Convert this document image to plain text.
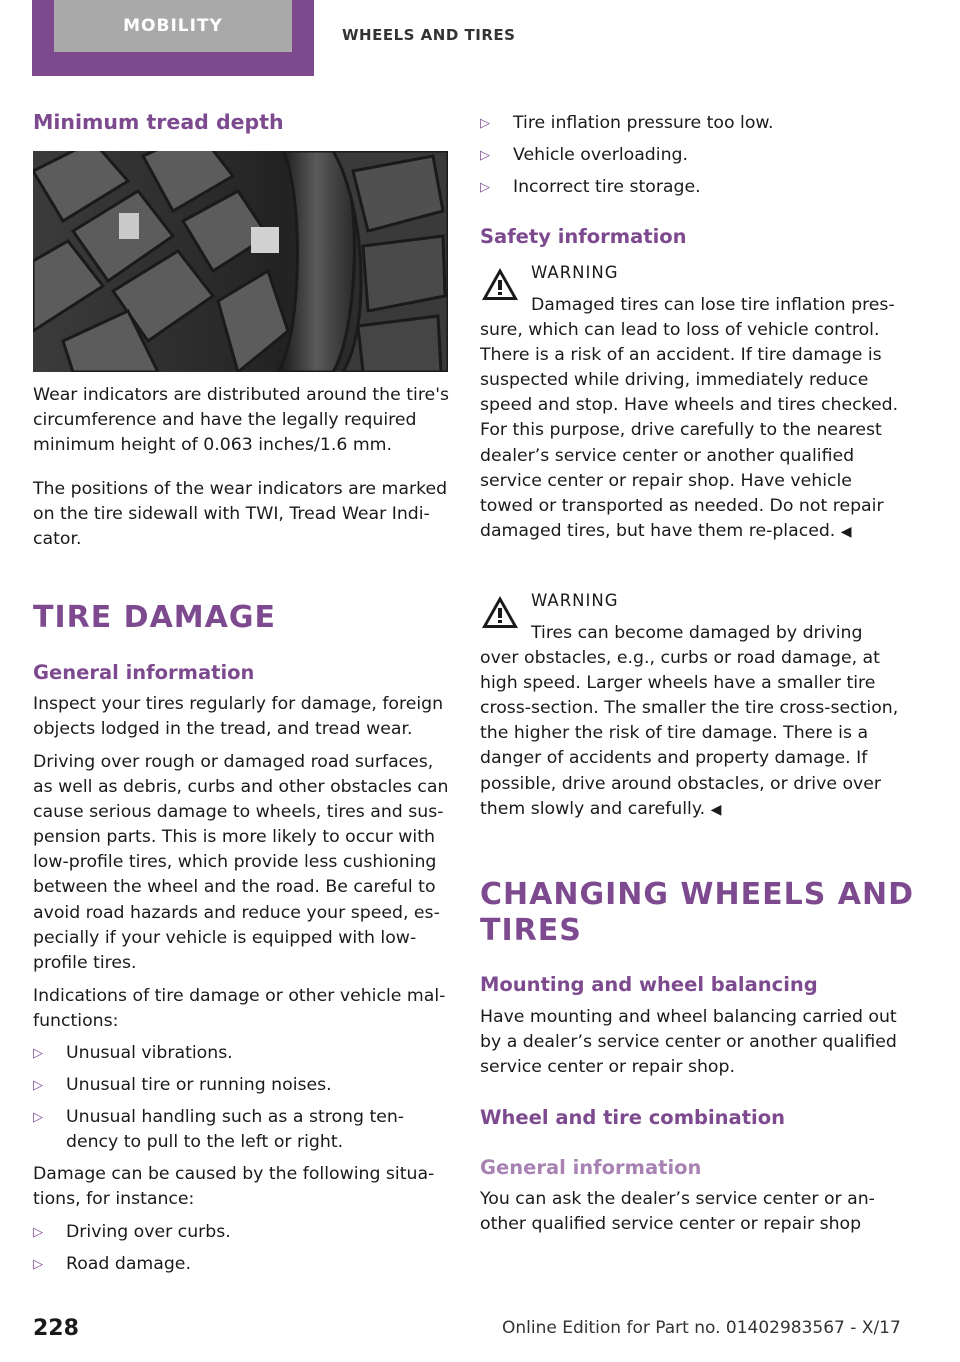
MOBILITY	WHEELS AND TIRES
Minimum tread depth

Wear indicators are distributed around the tire's circumference and have the legally required minimum height of 0.063 inches/1.6 mm.

The positions of the wear indicators are marked on the tire sidewall with TWI, Tread Wear Indi-cator.

TIRE DAMAGE
General information

Inspect your tires regularly for damage, foreign objects lodged in the tread, and tread wear.

Driving over rough or damaged road surfaces, as well as debris, curbs and other obstacles can cause serious damage to wheels, tires and sus-pension parts. This is more likely to occur with low-profile tires, which provide less cushioning between the wheel and the road. Be careful to avoid road hazards and reduce your speed, es-pecially if your vehicle is equipped with low-profile tires.

Indications of tire damage or other vehicle mal-functions:

▷ Unusual vibrations.
▷ Unusual tire or running noises.
▷ Unusual handling such as a strong ten-dency to pull to the left or right.

Damage can be caused by the following situa-tions, for instance:

▷ Driving over curbs.
▷ Road damage.
▷ Tire inflation pressure too low.
▷ Vehicle overloading.
▷ Incorrect tire storage.
Safety information
WARNING

Damaged tires can lose tire inflation pres-
sure, which can lead to loss of vehicle control. There is a risk of an accident. If tire damage is suspected while driving, immediately reduce speed and stop. Have wheels and tires checked. For this purpose, drive carefully to the nearest dealer’s service center or another qualified service center or repair shop. Have vehicle towed or transported as needed. Do not repair damaged tires, but have them re-placed. ◀

WARNING

Tires can become damaged by driving
over obstacles, e.g., curbs or road damage, at high speed. Larger wheels have a smaller tire cross-section. The smaller the tire cross-section, the higher the risk of tire damage. There is a danger of accidents and property damage. If possible, drive around obstacles, or drive over them slowly and carefully. ◀

CHANGING WHEELS AND
TIRES
Mounting and wheel balancing

Have mounting and wheel balancing carried out by a dealer’s service center or another qualified service center or repair shop.

Wheel and tire combination
General information

You can ask the dealer’s service center or an-other qualified service center or repair shop

228	Online Edition for Part no. 01402983567 - X/17
